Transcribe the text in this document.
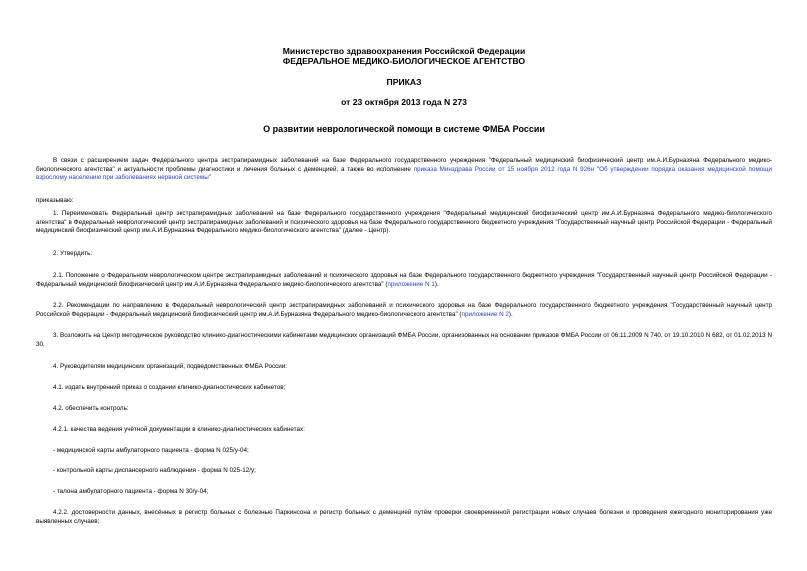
Министерство здравоохранения Российской Федерации
ФЕДЕРАЛЬНОЕ МЕДИКО-БИОЛОГИЧЕСКОЕ АГЕНТСТВО
ПРИКАЗ
от 23 октября 2013 года N 273
О развитии неврологической помощи в системе ФМБА России

В связи с расширением задач Федерального центра экстрапирамидных заболеваний на базе Федерального государственного учреждения "Федеральный медицинский биофизический центр им.А.И.Бурназяна Федерального медико-биологического агентства" и актуальности проблемы диагностики и лечения больных с деменцией, а также во исполнение приказа Минздрава России от 15 ноября 2012 года N 926н "Об утверждении порядка оказания медицинской помощи взрослому населению при заболеваниях нервной системы"

приказываю:

1. Переименовать Федеральный центр экстрапирамидных заболеваний на базе Федерального государственного учреждения "Федеральный медицинский биофизический центр им.А.И.Бурназяна Федерального медико-биологического агентства" в Федеральный неврологический центр экстрапирамидных заболеваний и психического здоровья на базе Федерального государственного бюджетного учреждения "Государственный научный центр Российской Федерации - Федеральный медицинский биофизический центр им.А.И.Бурназяна Федерального медико-биологического агентства" (далее - Центр).

2. Утвердить:

2.1. Положение о Федеральном неврологическом центре экстрапирамидных заболеваний и психического здоровья на базе Федерального государственного бюджетного учреждения "Государственный научный центр Российской Федерации - Федеральный медицинский биофизический центр им.А.И.Бурназяна Федерального медико-биологического агентства" (приложение N 1).

2.2. Рекомендации по направлению в Федеральный неврологический центр экстрапирамидных заболеваний и психического здоровья на базе Федерального государственного бюджетного учреждения "Государственный научный центр Российской Федерации - Федеральный медицинский биофизический центр им.А.И.Бурназяна Федерального медико-биологического агентства" (приложение N 2).

3. Возложить на Центр методическое руководство клинико-диагностическими кабинетами медицинских организаций ФМБА России, организованных на основании приказов ФМБА России от 06.11.2009 N 740, от 19.10.2010 N 682, от 01.02.2013 N 30.

4. Руководителям медицинских организаций, подведомственных ФМБА России:

4.1. издать внутренний приказ о создании клинико-диагностических кабинетов;

4.2. обеспечить контроль:

4.2.1. качества ведения учётной документации в клинико-диагностических кабинетах:

- медицинской карты амбулаторного пациента - форма N 025/у-04;

- контрольной карты диспансерного наблюдения - форма N 025-12/у;

- талона амбулаторного пациента - форма N 30/у-04;

4.2.2. достоверности данных, внесённых в регистр больных с болезнью Паркинсона и регистр больных с деменцией путём проверки своевременной регистрации новых случаев болезни и проведения ежегодного мониторирования уже выявленных случаев;
